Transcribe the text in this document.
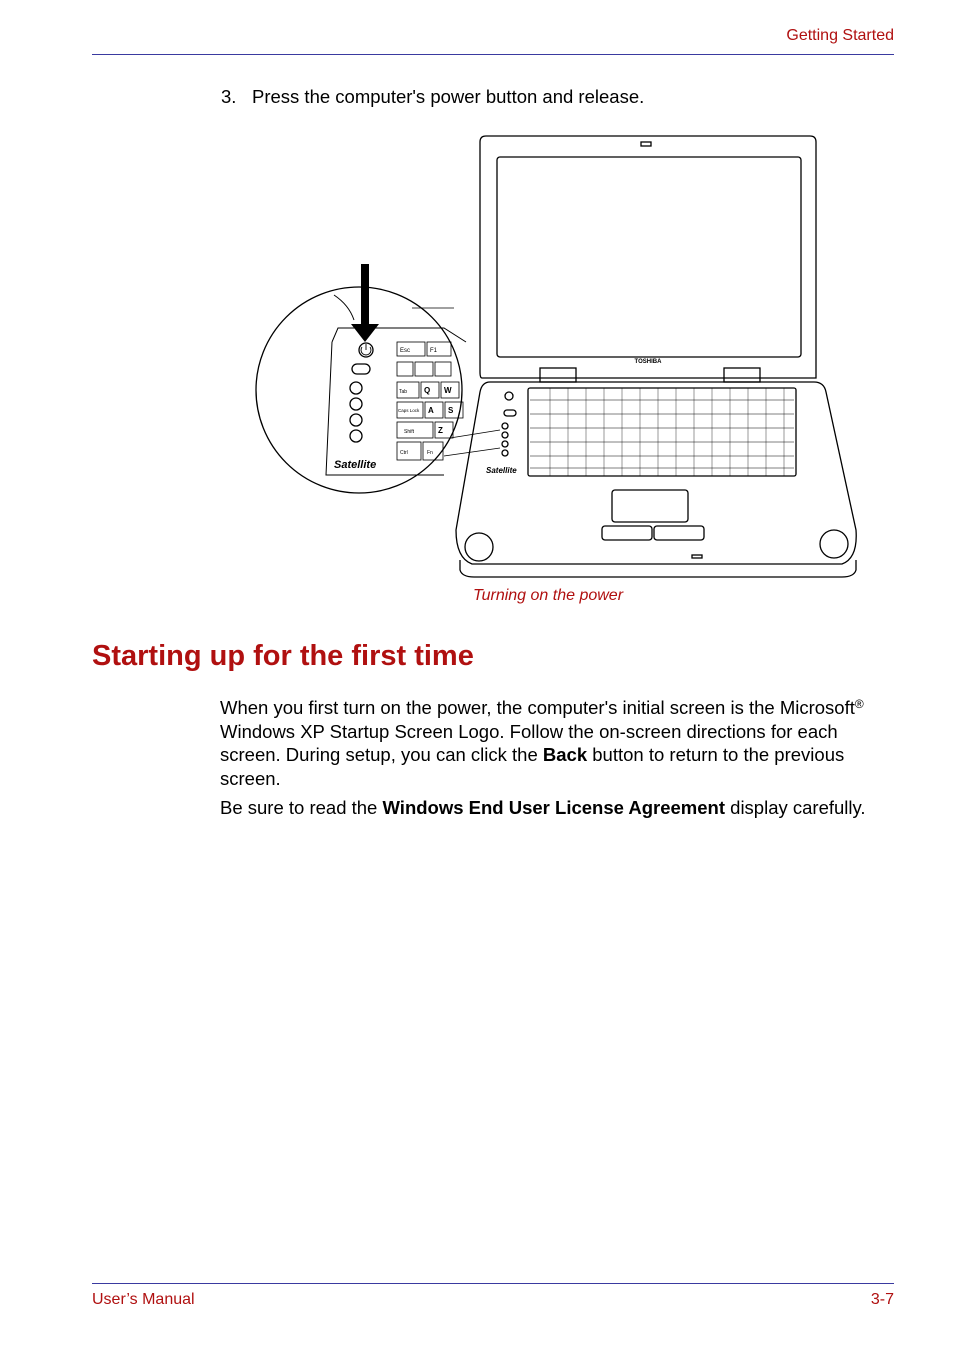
Getting Started
3. Press the computer's power button and release.
TOSHIBA
Satellite
Esc	F1
Tab Q W
Caps Lock A S
Shift	Z
Ctrl	Fn
Satellite
Turning on the power
Starting up for the first time

When you first turn on the power, the computer's initial screen is the Microsoft® Windows XP Startup Screen Logo. Follow the on-screen directions for each screen. During setup, you can click the Back button to return to the previous screen.

Be sure to read the Windows End User License Agreement display carefully.

User’s Manual	3-7
